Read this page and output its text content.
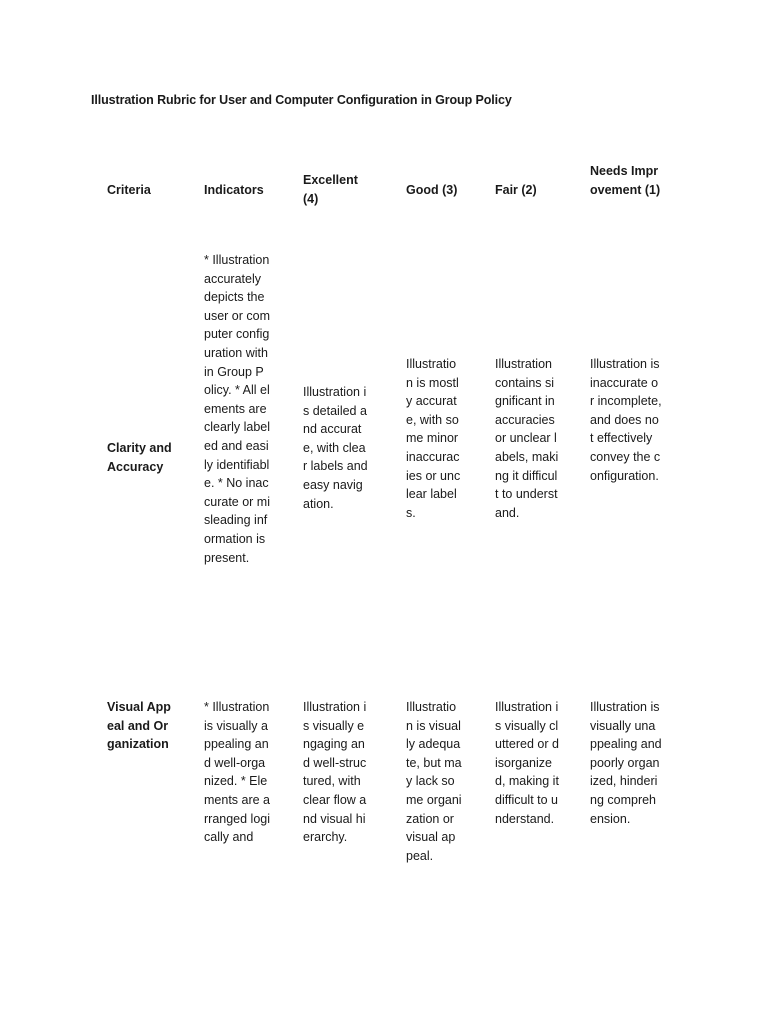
Illustration Rubric for User and Computer Configuration in Group Policy
Criteria	Indicators
Excellent (4)
Good (3)	Fair (2)
Needs Improvement (1)
Clarity and Accuracy
* Illustration accurately depicts the user or computer configuration within Group Policy. * All elements are clearly labeled and easily identifiable. * No inaccurate or misleading information is present.
Illustration is detailed and accurate, with clear labels and easy navigation.
Illustration is mostly accurate, with some minor inaccuracies or unclear labels.
Illustration contains significant inaccuracies or unclear labels, making it difficult to understand.
Illustration is inaccurate or incomplete, and does not effectively convey the configuration.
Visual Appeal and Organization
* Illustration is visually appealing and well-organized. * Elements are arranged logically and
Illustration is visually engaging and well-structured, with clear flow and visual hierarchy.
Illustration is visually adequate, but may lack some organization or visual appeal.
Illustration is visually cluttered or disorganized, making it difficult to understand.
Illustration is visually unappealing and poorly organized, hindering comprehension.
